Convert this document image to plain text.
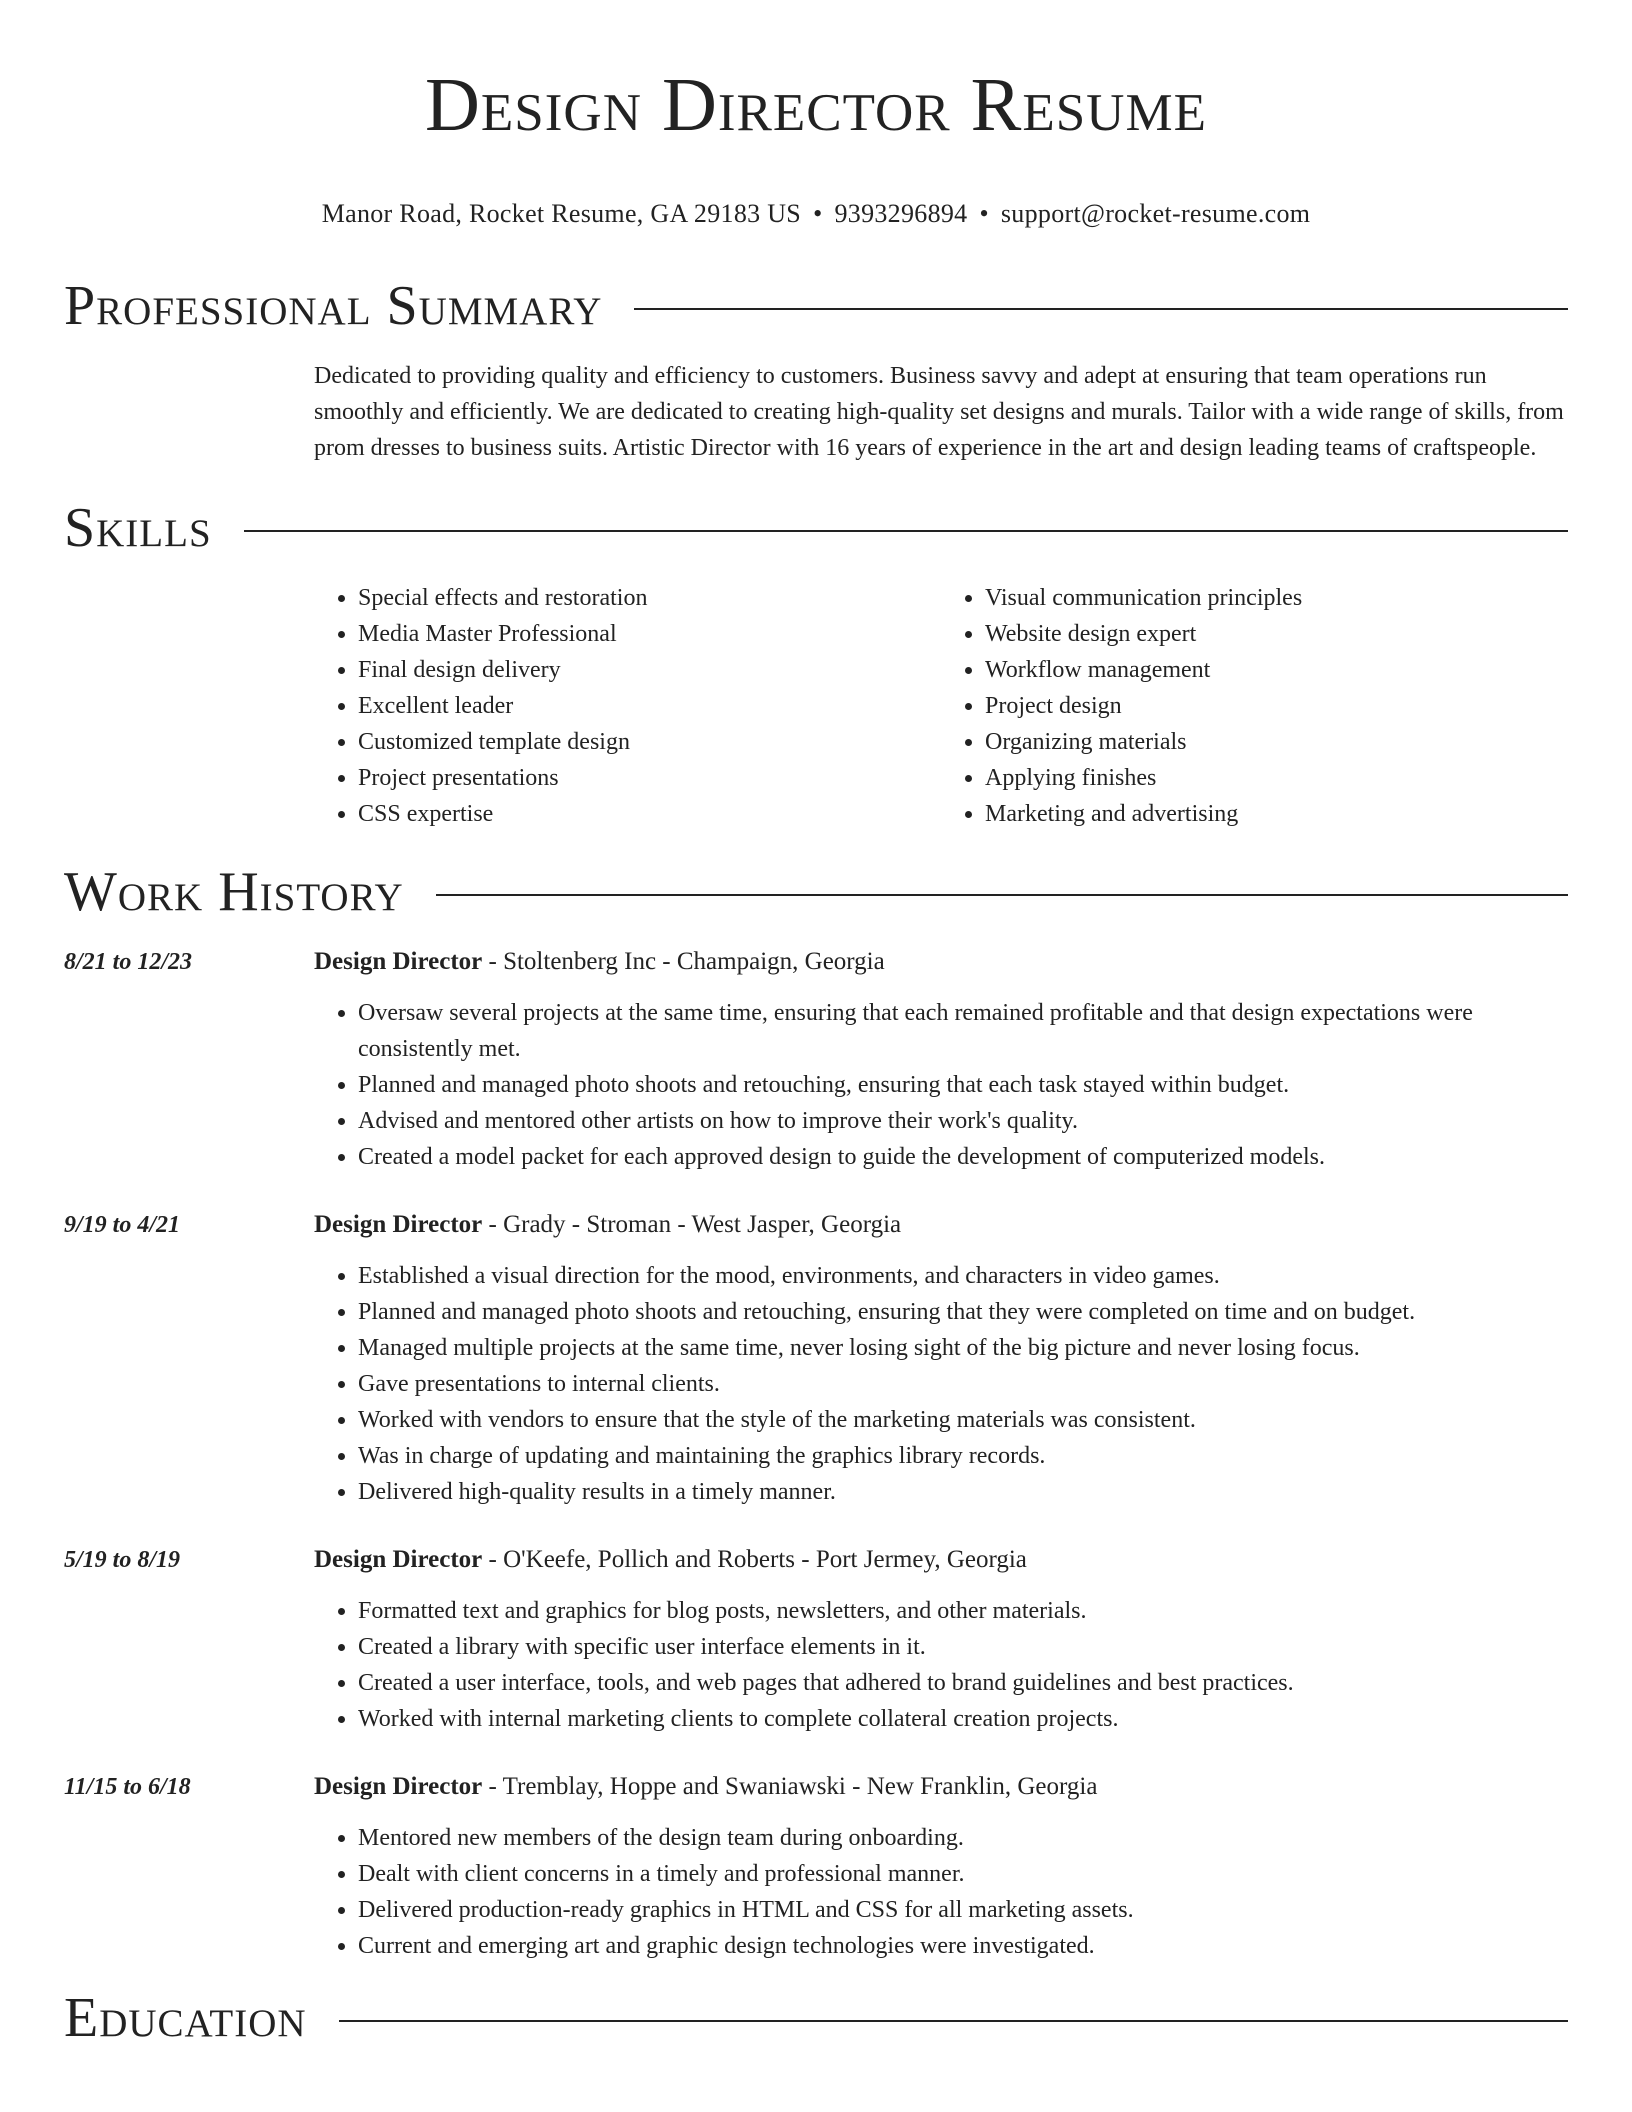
Design Director Resume
Manor Road, Rocket Resume, GA 29183 US • 9393296894 • support@rocket-resume.com
Professional Summary
Dedicated to providing quality and efficiency to customers. Business savvy and adept at ensuring that team operations run smoothly and efficiently. We are dedicated to creating high-quality set designs and murals. Tailor with a wide range of skills, from prom dresses to business suits. Artistic Director with 16 years of experience in the art and design leading teams of craftspeople.
Skills
• Special effects and restoration
• Media Master Professional
• Final design delivery
• Excellent leader
• Customized template design
• Project presentations
• CSS expertise
• Visual communication principles
• Website design expert
• Workflow management
• Project design
• Organizing materials
• Applying finishes
• Marketing and advertising
Work History
8/21 to 12/23	Design Director - Stoltenberg Inc - Champaign, Georgia
• Oversaw several projects at the same time, ensuring that each remained profitable and that design expectations were consistently met.
• Planned and managed photo shoots and retouching, ensuring that each task stayed within budget.
• Advised and mentored other artists on how to improve their work's quality.
• Created a model packet for each approved design to guide the development of computerized models.
9/19 to 4/21	Design Director - Grady - Stroman - West Jasper, Georgia
• Established a visual direction for the mood, environments, and characters in video games.
• Planned and managed photo shoots and retouching, ensuring that they were completed on time and on budget.
• Managed multiple projects at the same time, never losing sight of the big picture and never losing focus.
• Gave presentations to internal clients.
• Worked with vendors to ensure that the style of the marketing materials was consistent.
• Was in charge of updating and maintaining the graphics library records.
• Delivered high-quality results in a timely manner.
5/19 to 8/19	Design Director - O'Keefe, Pollich and Roberts - Port Jermey, Georgia
• Formatted text and graphics for blog posts, newsletters, and other materials.
• Created a library with specific user interface elements in it.
• Created a user interface, tools, and web pages that adhered to brand guidelines and best practices.
• Worked with internal marketing clients to complete collateral creation projects.
11/15 to 6/18	Design Director - Tremblay, Hoppe and Swaniawski - New Franklin, Georgia
• Mentored new members of the design team during onboarding.
• Dealt with client concerns in a timely and professional manner.
• Delivered production-ready graphics in HTML and CSS for all marketing assets.
• Current and emerging art and graphic design technologies were investigated.
Education
